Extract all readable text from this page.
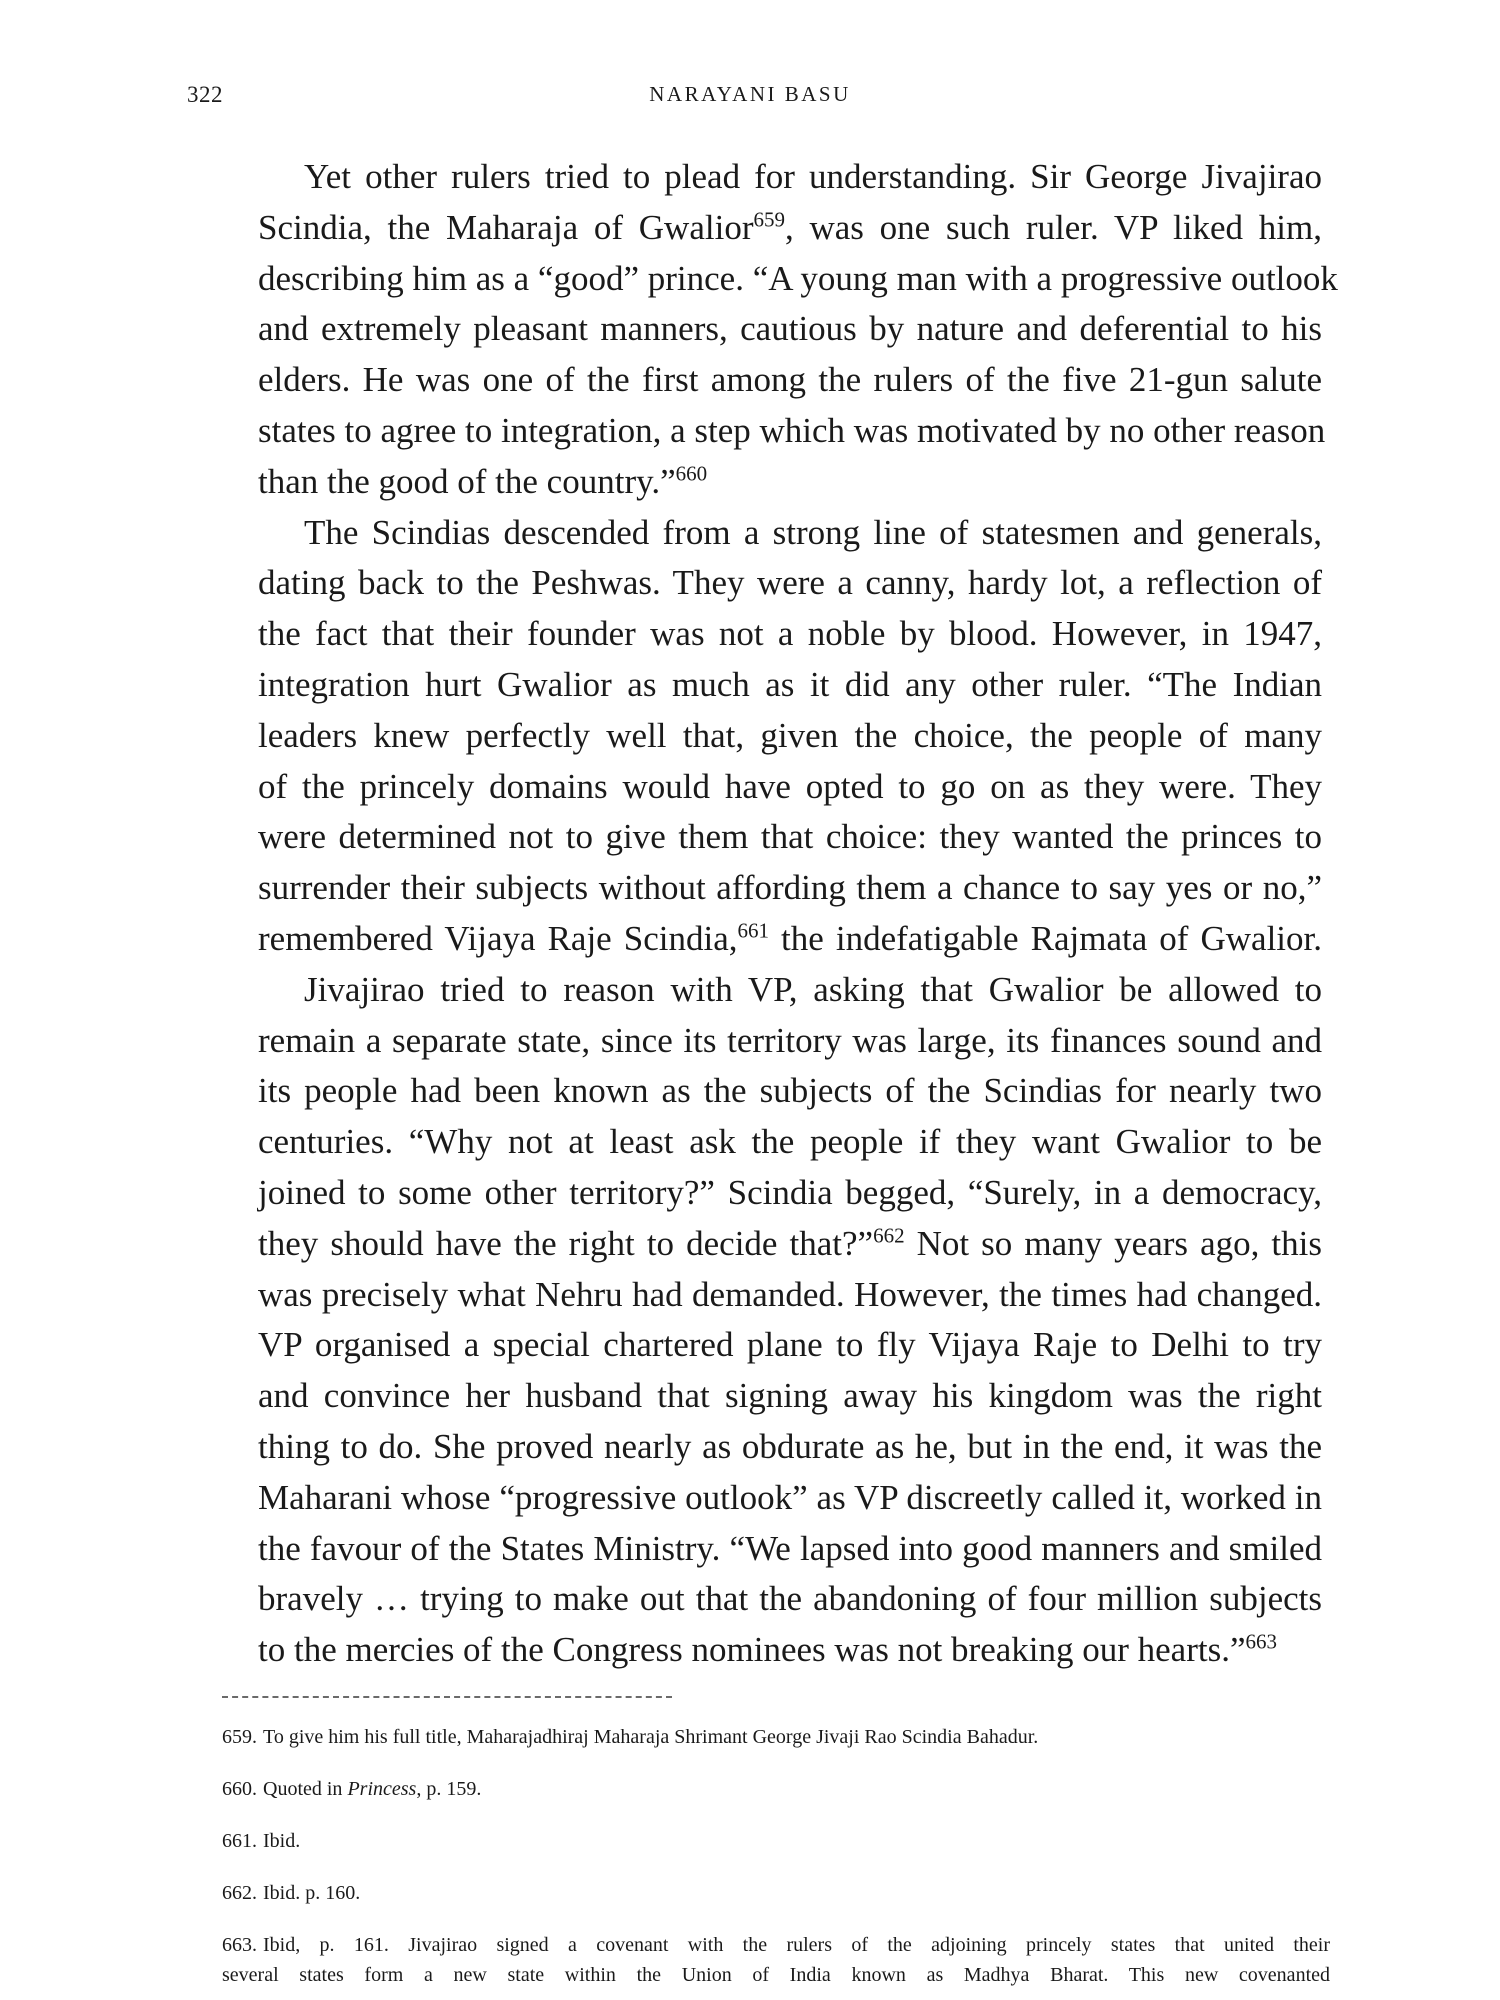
322	NARAYANI BASU

Yet other rulers tried to plead for understanding. Sir George Jivajirao
Scindia, the Maharaja of Gwalior$^{659}$, was one such ruler. VP liked him,
describing him as a “good” prince. “A young man with a progressive outlook
and extremely pleasant manners, cautious by nature and deferential to his
elders. He was one of the first among the rulers of the five 21-gun salute
states to agree to integration, a step which was motivated by no other reason
than the good of the country.”$^{660}$

The Scindias descended from a strong line of statesmen and generals,
dating back to the Peshwas. They were a canny, hardy lot, a reflection of
the fact that their founder was not a noble by blood. However, in 1947,
integration hurt Gwalior as much as it did any other ruler. “The Indian
leaders knew perfectly well that, given the choice, the people of many
of the princely domains would have opted to go on as they were. They
were determined not to give them that choice: they wanted the princes to
surrender their subjects without affording them a chance to say yes or no,”
remembered Vijaya Raje Scindia,$^{661}$ the indefatigable Rajmata of Gwalior.

Jivajirao tried to reason with VP, asking that Gwalior be allowed to
remain a separate state, since its territory was large, its finances sound and
its people had been known as the subjects of the Scindias for nearly two
centuries. “Why not at least ask the people if they want Gwalior to be
joined to some other territory?” Scindia begged, “Surely, in a democracy,
they should have the right to decide that?”$^{662}$ Not so many years ago, this
was precisely what Nehru had demanded. However, the times had changed.
VP organised a special chartered plane to fly Vijaya Raje to Delhi to try
and convince her husband that signing away his kingdom was the right
thing to do. She proved nearly as obdurate as he, but in the end, it was the
Maharani whose “progressive outlook” as VP discreetly called it, worked in
the favour of the States Ministry. “We lapsed into good manners and smiled
bravely … trying to make out that the abandoning of four million subjects
to the mercies of the Congress nominees was not breaking our hearts.”$^{663}$

659. To give him his full title, Maharajadhiraj Maharaja Shrimant George Jivaji Rao Scindia Bahadur.

660. Quoted in Princess, p. 159.

661. Ibid.

662. Ibid. p. 160.

663. Ibid, p. 161. Jivajirao signed a covenant with the rulers of the adjoining princely states that united their
several states form a new state within the Union of India known as Madhya Bharat. This new covenanted
